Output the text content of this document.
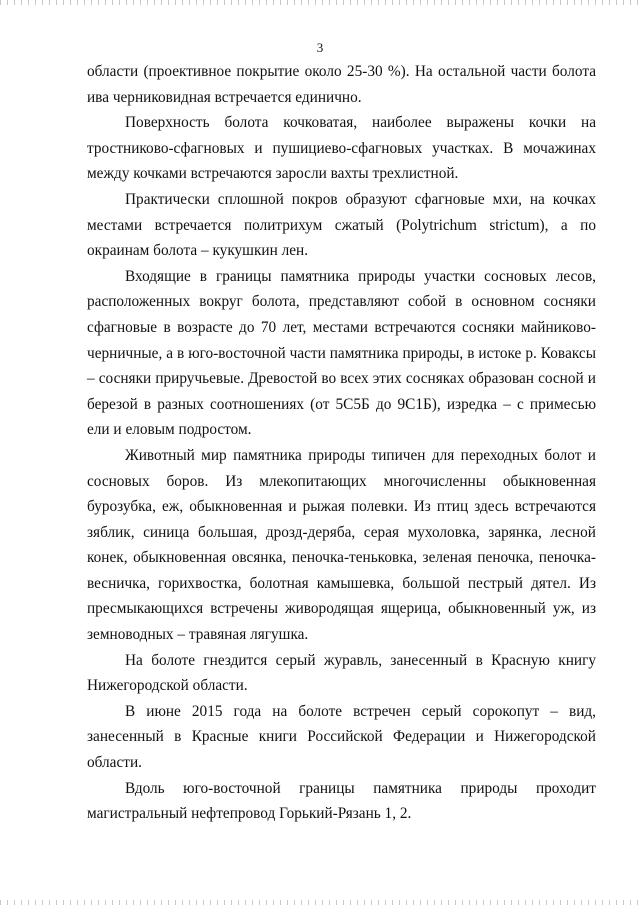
3

области (проективное покрытие около 25-30 %). На остальной части болота ива черниковидная встречается единично.

Поверхность болота кочковатая, наиболее выражены кочки на тростниково-сфагновых и пушициево-сфагновых участках. В мочажинах между кочками встречаются заросли вахты трехлистной.

Практически сплошной покров образуют сфагновые мхи, на кочках местами встречается политрихум сжатый (Polytrichum strictum), а по окраинам болота – кукушкин лен.

Входящие в границы памятника природы участки сосновых лесов, расположенных вокруг болота, представляют собой в основном сосняки сфагновые в возрасте до 70 лет, местами встречаются сосняки майниково-черничные, а в юго-восточной части памятника природы, в истоке р. Ковaксы – сосняки приручьевые. Древостой во всех этих сосняках образован сосной и березой в разных соотношениях (от 5С5Б до 9С1Б), изредка – с примесью ели и еловым подростом.

Животный мир памятника природы типичен для переходных болот и сосновых боров. Из млекопитающих многочисленны обыкновенная бурозубка, еж, обыкновенная и рыжая полевки. Из птиц здесь встречаются зяблик, синица большая, дрозд-деряба, серая мухоловка, зарянка, лесной конек, обыкновенная овсянка, пеночка-теньковка, зеленая пеночка, пеночка-весничка, горихвостка, болотная камышевка, большой пестрый дятел. Из пресмыкающихся встречены живородящая ящерица, обыкновенный уж, из земноводных – травяная лягушка.

На болоте гнездится серый журавль, занесенный в Красную книгу Нижегородской области.

В июне 2015 года на болоте встречен серый сорокопут – вид, занесенный в Красные книги Российской Федерации и Нижегородской области.

Вдоль юго-восточной границы памятника природы проходит магистральный нефтепровод Горький-Рязань 1, 2.
